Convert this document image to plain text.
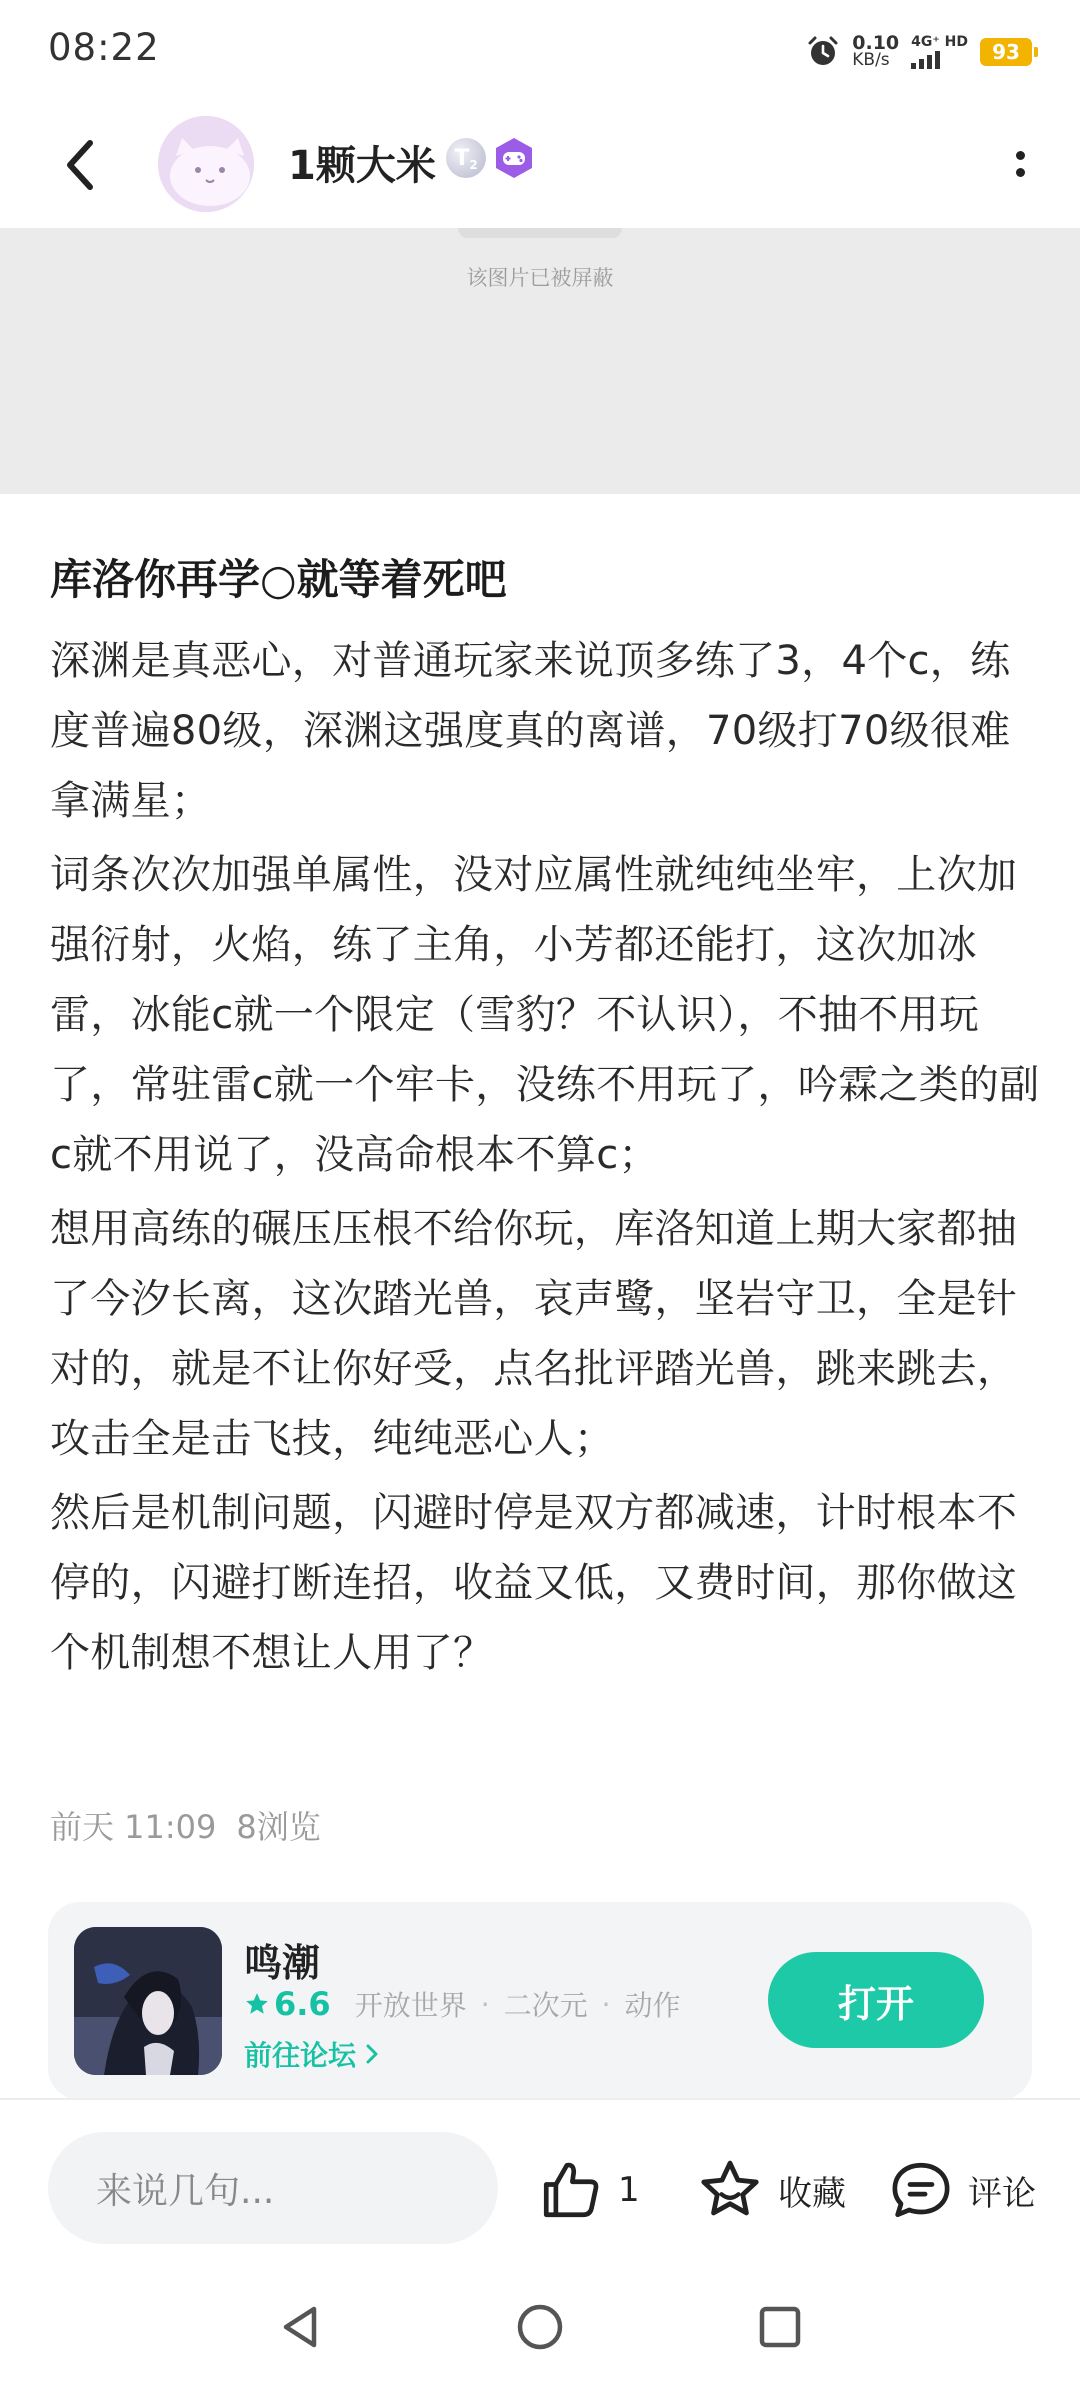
08:22	0.10
KB/s
4G⁺ HD	93
1颗大米 T 2
该图片已被屏蔽
库洛你再学○就等着死吧

深渊是真恶心，对普通玩家来说顶多练了3，4个c，练度普遍80级，深渊这强度真的离谱，70级打70级很难拿满星；

词条次次加强单属性，没对应属性就纯纯坐牢，上次加强衍射，火焰，练了主角，小芳都还能打，这次加冰雷，冰能c就一个限定（雪豹？不认识），不抽不用玩了，常驻雷c就一个牢卡，没练不用玩了，吟霖之类的副c就不用说了，没高命根本不算c；

想用高练的碾压压根不给你玩，库洛知道上期大家都抽了今汐长离，这次踏光兽，哀声鹭，坚岩守卫，全是针对的，就是不让你好受，点名批评踏光兽，跳来跳去，攻击全是击飞技，纯纯恶心人；

然后是机制问题，闪避时停是双方都减速，计时根本不停的，闪避打断连招，收益又低，又费时间，那你做这个机制想不想让人用了？

前天 11:09 8浏览
鸣潮
6.6 开放世界 · 二次元 · 动作
前往论坛
打开
来说几句...	1	收藏	评论
